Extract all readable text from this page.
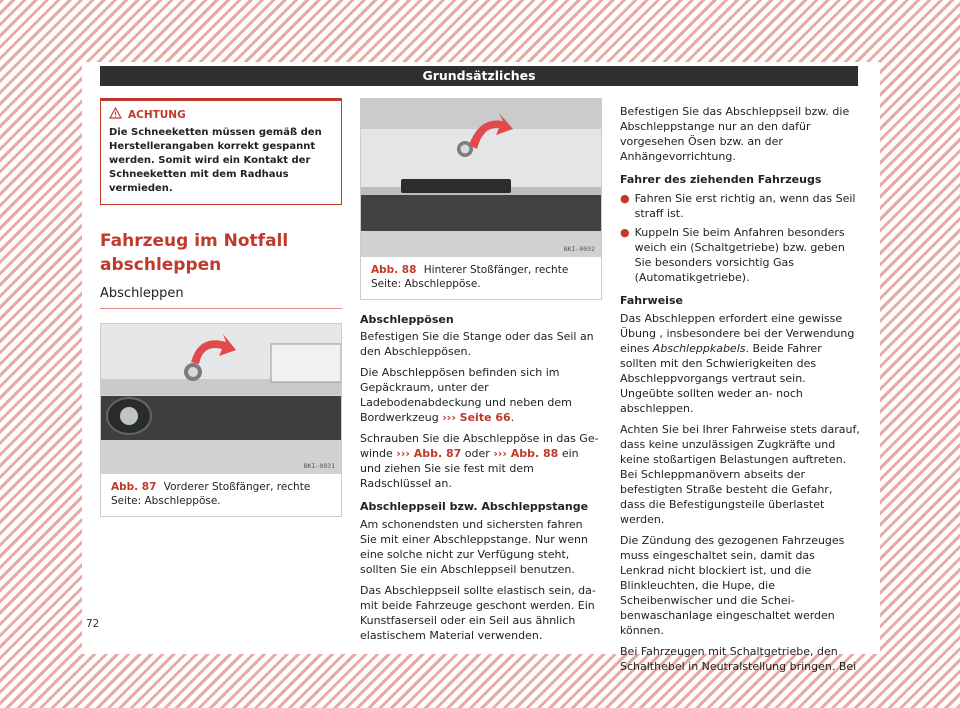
Grundsätzliches
ACHTUNG
Die Schneeketten müssen gemäß den Herstellerangaben korrekt gespannt werden. Somit wird ein Kontakt der Schneeketten mit dem Radhaus vermieden.
Fahrzeug im Notfall abschleppen
Abschleppen
BKI-0031
Abb. 87 Vorderer Stoßfänger, rechte Seite: Abschleppöse.
BKI-0032
Abb. 88 Hinterer Stoßfänger, rechte Seite: Abschleppöse.
Abschleppösen
Befestigen Sie die Stange oder das Seil an den Abschleppösen.
Die Abschleppösen befinden sich im Gepäckraum, unter der Ladebodenabdeckung und neben dem Bordwerkzeug ››› Seite 66.
Schrauben Sie die Abschleppöse in das Gewinde ››› Abb. 87 oder ››› Abb. 88 ein und ziehen Sie sie fest mit dem Radschlüssel an.
Abschleppseil bzw. Abschleppstange
Am schonendsten und sichersten fahren Sie mit einer Abschleppstange. Nur wenn eine solche nicht zur Verfügung steht, sollten Sie ein Abschleppseil benutzen.
Das Abschleppseil sollte elastisch sein, damit beide Fahrzeuge geschont werden. Ein Kunstfaserseil oder ein Seil aus ähnlich elastischem Material verwenden.
Befestigen Sie das Abschleppseil bzw. die Abschleppstange nur an den dafür vorgesehen Ösen bzw. an der Anhängevorrichtung.
Fahrer des ziehenden Fahrzeugs
● Fahren Sie erst richtig an, wenn das Seil straff ist.
● Kuppeln Sie beim Anfahren besonders weich ein (Schaltgetriebe) bzw. geben Sie besonders vorsichtig Gas (Automatikgetriebe).
Fahrweise
Das Abschleppen erfordert eine gewisse Übung , insbesondere bei der Verwendung eines Abschleppkabels. Beide Fahrer sollten mit den Schwierigkeiten des Abschleppvorgangs vertraut sein. Ungeübte sollten weder an- noch abschleppen.
Achten Sie bei Ihrer Fahrweise stets darauf, dass keine unzulässigen Zugkräfte und keine stoßartigen Belastungen auftreten. Bei Schleppmanövern abseits der befestigten Straße besteht die Gefahr, dass die Befestigungsteile überlastet werden.
Die Zündung des gezogenen Fahrzeuges muss eingeschaltet sein, damit das Lenkrad nicht blockiert ist, und die Blinkleuchten, die Hupe, die Scheibenwischer und die Scheibenwaschanlage eingeschaltet werden können.
Bei Fahrzeugen mit Schaltgetriebe, den Schalthebel in Neutralstellung bringen. Bei
72
